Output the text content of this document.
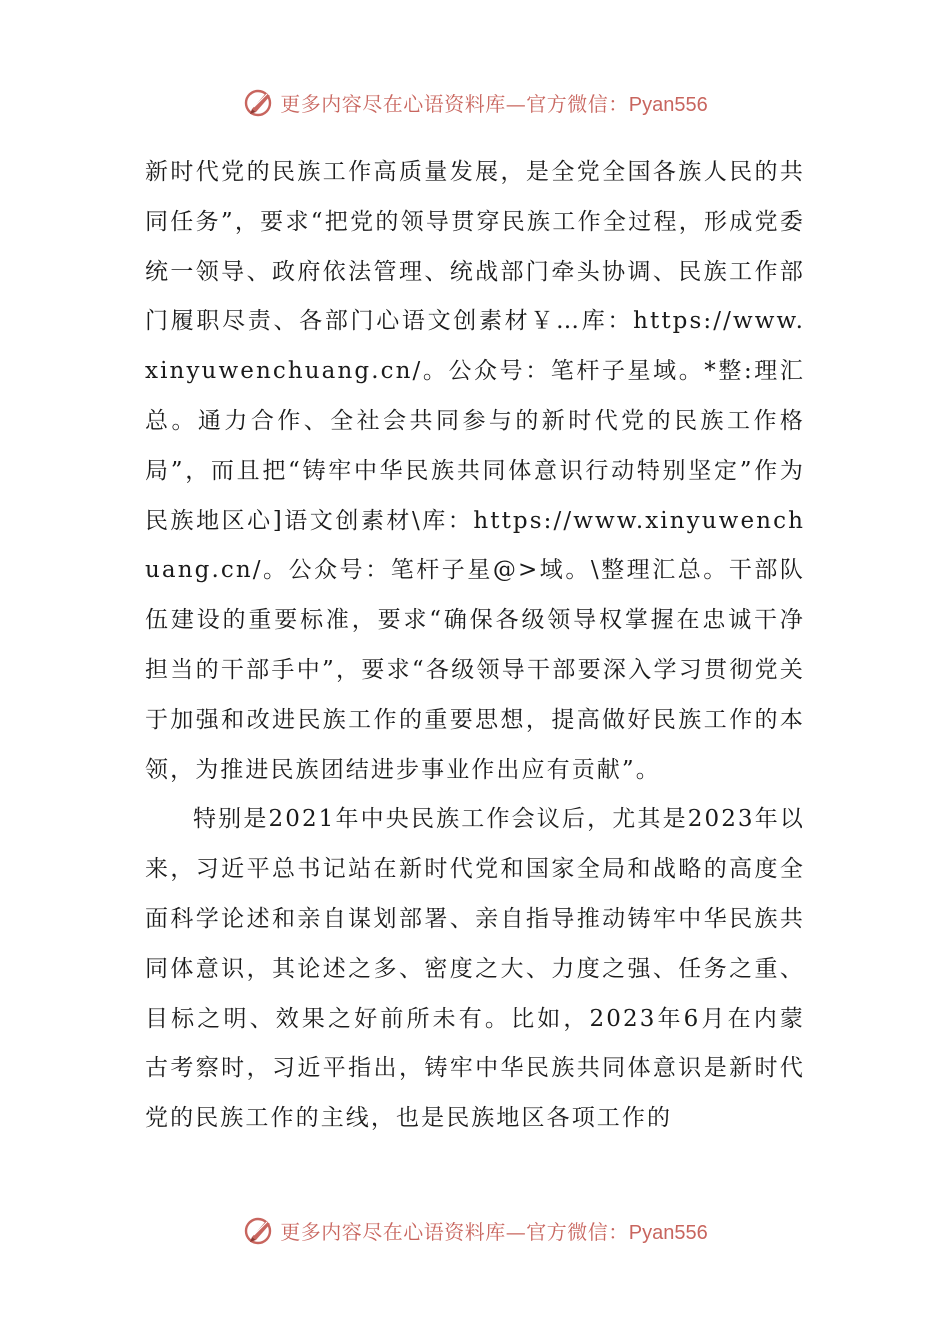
更多内容尽在心语资料库—官方微信：Pyan556

新时代党的民族工作高质量发展，是全党全国各族人民的共同任务”，要求“把党的领导贯穿民族工作全过程，形成党委统一领导、政府依法管理、统战部门牵头协调、民族工作部门履职尽责、各部门心语文创素材￥…库：https://www.xinyuwenchuang.cn/。公众号：笔杆子星域。*整:理汇总。通力合作、全社会共同参与的新时代党的民族工作格局”，而且把“铸牢中华民族共同体意识行动特别坚定”作为民族地区心]语文创素材\库：https://www.xinyuwenchuang.cn/。公众号：笔杆子星@>域。\整理汇总。干部队伍建设的重要标准，要求“确保各级领导权掌握在忠诚干净担当的干部手中”，要求“各级领导干部要深入学习贯彻党关于加强和改进民族工作的重要思想，提高做好民族工作的本领，为推进民族团结进步事业作出应有贡献”。

特别是2021年中央民族工作会议后，尤其是2023年以来，习近平总书记站在新时代党和国家全局和战略的高度全面科学论述和亲自谋划部署、亲自指导推动铸牢中华民族共同体意识，其论述之多、密度之大、力度之强、任务之重、目标之明、效果之好前所未有。比如，2023年6月在内蒙古考察时，习近平指出，铸牢中华民族共同体意识是新时代党的民族工作的主线，也是民族地区各项工作的

更多内容尽在心语资料库—官方微信：Pyan556
